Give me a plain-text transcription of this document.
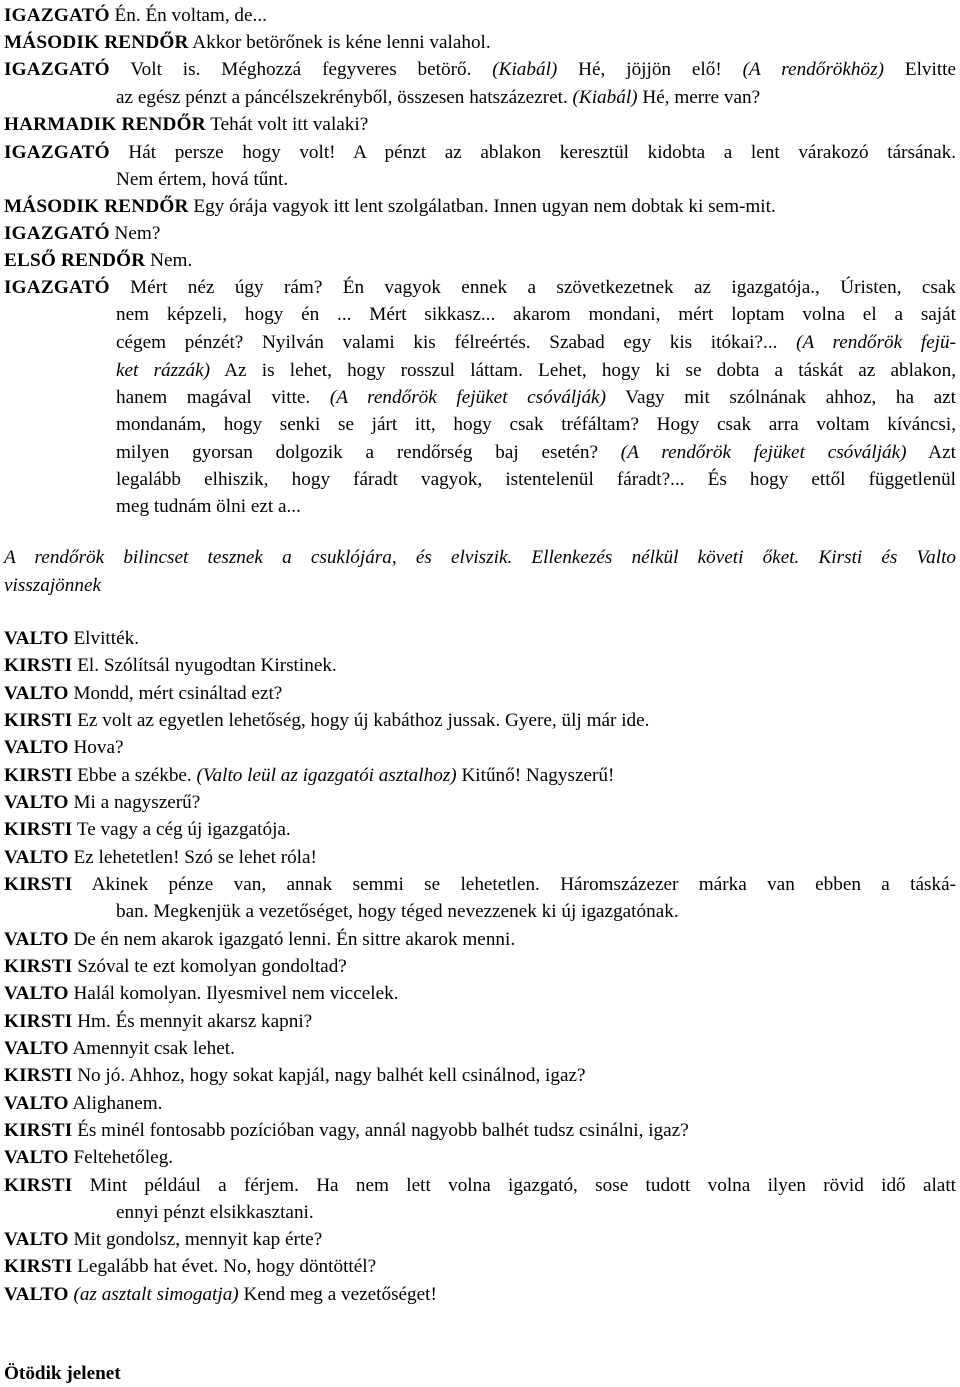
IGAZGATÓ Én. Én voltam, de...
MÁSODIK RENDŐR Akkor betörőnek is kéne lenni valahol.
IGAZGATÓ Volt is. Méghozzá fegyveres betörő. (Kiabál) Hé, jöjjön elő! (A rendőrökhöz) Elvitte
az egész pénzt a páncélszekrényből, összesen hatszázezret. (Kiabál) Hé, merre van?
HARMADIK RENDŐR Tehát volt itt valaki?
IGAZGATÓ Hát persze hogy volt! A pénzt az ablakon keresztül kidobta a lent várakozó társának.
Nem értem, hová tűnt.
MÁSODIK RENDŐR Egy órája vagyok itt lent szolgálatban. Innen ugyan nem dobtak ki sem-mit.
IGAZGATÓ Nem?
ELSŐ RENDŐR Nem.
IGAZGATÓ Mért néz úgy rám? Én vagyok ennek a szövetkezetnek az igazgatója., Úristen, csak
nem képzeli, hogy én ... Mért sikkasz... akarom mondani, mért loptam volna el a saját
cégem pénzét? Nyilván valami kis félreértés. Szabad egy kis itókai?... (A rendőrök fejü-
ket rázzák) Az is lehet, hogy rosszul láttam. Lehet, hogy ki se dobta a táskát az ablakon,
hanem magával vitte. (A rendőrök fejüket csóválják) Vagy mit szólnának ahhoz, ha azt
mondanám, hogy senki se járt itt, hogy csak tréfáltam? Hogy csak arra voltam kíváncsi,
milyen gyorsan dolgozik a rendőrség baj esetén? (A rendőrök fejüket csóválják) Azt
legalább elhiszik, hogy fáradt vagyok, istentelenül fáradt?... És hogy ettől függetlenül
meg tudnám ölni ezt a...
A rendőrök bilincset tesznek a csuklójára, és elviszik. Ellenkezés nélkül követi őket. Kirsti és Valto
visszajönnek
VALTO Elvitték.
KIRSTI El. Szólítsál nyugodtan Kirstinek.
VALTO Mondd, mért csináltad ezt?
KIRSTI Ez volt az egyetlen lehetőség, hogy új kabáthoz jussak. Gyere, ülj már ide.
VALTO Hova?
KIRSTI Ebbe a székbe. (Valto leül az igazgatói asztalhoz) Kitűnő! Nagyszerű!
VALTO Mi a nagyszerű?
KIRSTI Te vagy a cég új igazgatója.
VALTO Ez lehetetlen! Szó se lehet róla!
KIRSTI Akinek pénze van, annak semmi se lehetetlen. Háromszázezer márka van ebben a táská-
ban. Megkenjük a vezetőséget, hogy téged nevezzenek ki új igazgatónak.
VALTO De én nem akarok igazgató lenni. Én sittre akarok menni.
KIRSTI Szóval te ezt komolyan gondoltad?
VALTO Halál komolyan. Ilyesmivel nem viccelek.
KIRSTI Hm. És mennyit akarsz kapni?
VALTO Amennyit csak lehet.
KIRSTI No jó. Ahhoz, hogy sokat kapjál, nagy balhét kell csinálnod, igaz?
VALTO Alighanem.
KIRSTI És minél fontosabb pozícióban vagy, annál nagyobb balhét tudsz csinálni, igaz?
VALTO Feltehetőleg.
KIRSTI Mint például a férjem. Ha nem lett volna igazgató, sose tudott volna ilyen rövid idő alatt
ennyi pénzt elsikkasztani.
VALTO Mit gondolsz, mennyit kap érte?
KIRSTI Legalább hat évet. No, hogy döntöttél?
VALTO (az asztalt simogatja) Kend meg a vezetőséget!
Ötödik jelenet
